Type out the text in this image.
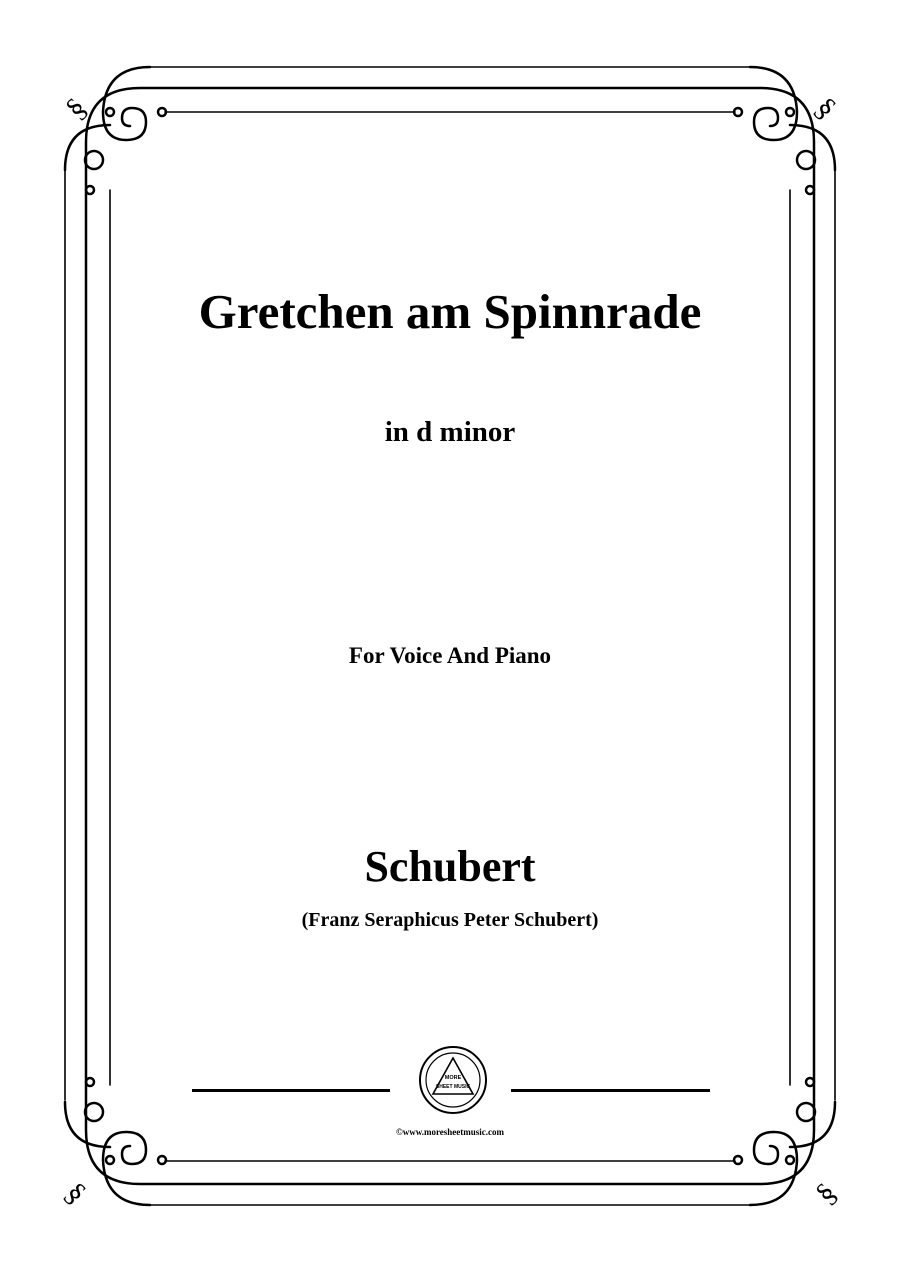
§	§
§	§
Gretchen am Spinnrade
in d minor
For Voice And Piano
Schubert
(Franz Seraphicus Peter Schubert)
MORE
SHEET MUSIC
©www.moresheetmusic.com
